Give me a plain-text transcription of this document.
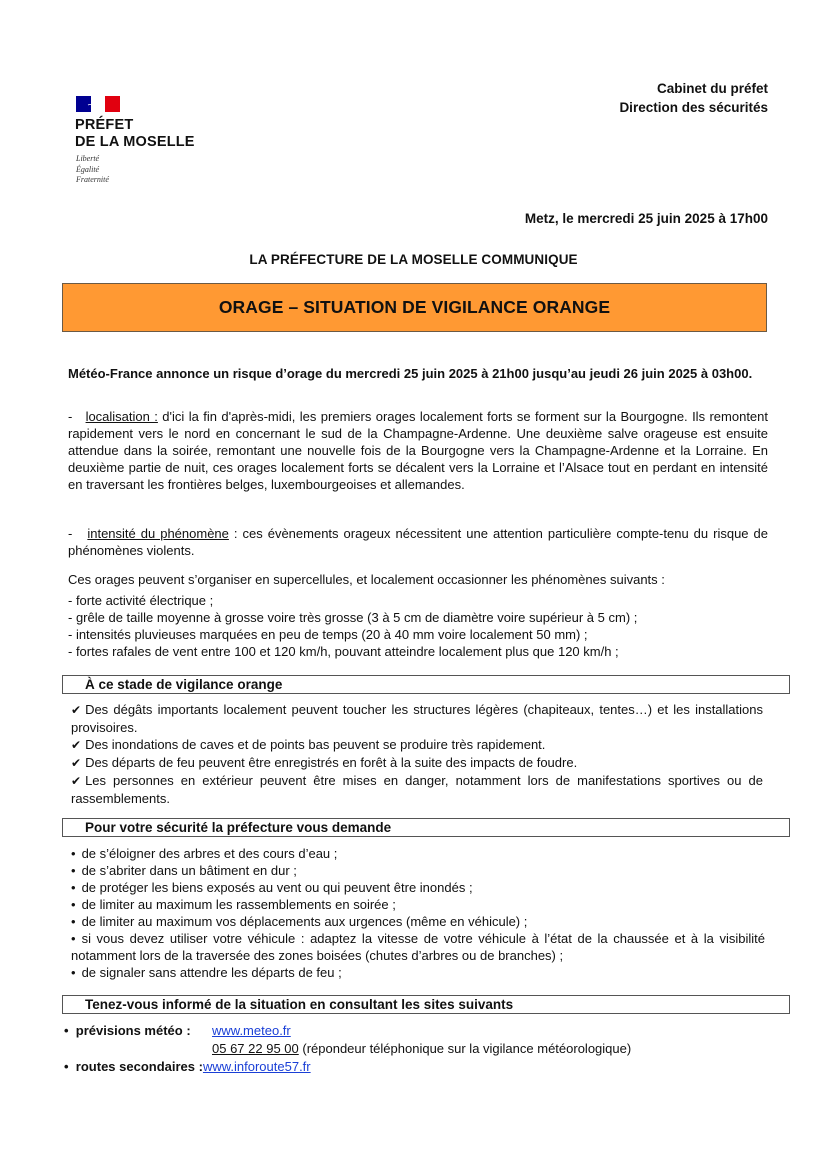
PRÉFET
DE LA MOSELLE
Liberté
Égalité
Fraternité
Cabinet du préfet
Direction des sécurités
Metz, le mercredi 25 juin 2025 à 17h00
LA PRÉFECTURE DE LA MOSELLE COMMUNIQUE
ORAGE – SITUATION DE VIGILANCE ORANGE
Météo-France annonce un risque d’orage du mercredi 25 juin 2025 à 21h00 jusqu’au jeudi 26 juin 2025 à 03h00.
- localisation : d'ici la fin d'après-midi, les premiers orages localement forts se forment sur la Bourgogne. Ils remontent rapidement vers le nord en concernant le sud de la Champagne-Ardenne. Une deuxième salve orageuse est ensuite attendue dans la soirée, remontant une nouvelle fois de la Bourgogne vers la Champagne-Ardenne et la Lorraine. En deuxième partie de nuit, ces orages localement forts se décalent vers la Lorraine et l’Alsace tout en perdant en intensité en traversant les frontières belges, luxembourgeoises et allemandes.
- intensité du phénomène : ces évènements orageux nécessitent une attention particulière compte-tenu du risque de phénomènes violents.
Ces orages peuvent s’organiser en supercellules, et localement occasionner les phénomènes suivants :
- forte activité électrique ;
- grêle de taille moyenne à grosse voire très grosse (3 à 5 cm de diamètre voire supérieur à 5 cm) ;
- intensités pluvieuses marquées en peu de temps (20 à 40 mm voire localement 50 mm) ;
- fortes rafales de vent entre 100 et 120 km/h, pouvant atteindre localement plus que 120 km/h ;
À ce stade de vigilance orange
✔ Des dégâts importants localement peuvent toucher les structures légères (chapiteaux, tentes…) et les installations provisoires.
✔ Des inondations de caves et de points bas peuvent se produire très rapidement.
✔ Des départs de feu peuvent être enregistrés en forêt à la suite des impacts de foudre.
✔ Les personnes en extérieur peuvent être mises en danger, notamment lors de manifestations sportives ou de rassemblements.
Pour votre sécurité la préfecture vous demande
• de s’éloigner des arbres et des cours d’eau ;
• de s’abriter dans un bâtiment en dur ;
• de protéger les biens exposés au vent ou qui peuvent être inondés ;
• de limiter au maximum les rassemblements en soirée ;
• de limiter au maximum vos déplacements aux urgences (même en véhicule) ;
• si vous devez utiliser votre véhicule : adaptez la vitesse de votre véhicule à l’état de la chaussée et à la visibilité notamment lors de la traversée des zones boisées (chutes d’arbres ou de branches) ;
• de signaler sans attendre les départs de feu ;
Tenez-vous informé de la situation en consultant les sites suivants
• prévisions météo :	www.meteo.fr
05 67 22 95 00 (répondeur téléphonique sur la vigilance météorologique)
• routes secondaires : www.inforoute57.fr
